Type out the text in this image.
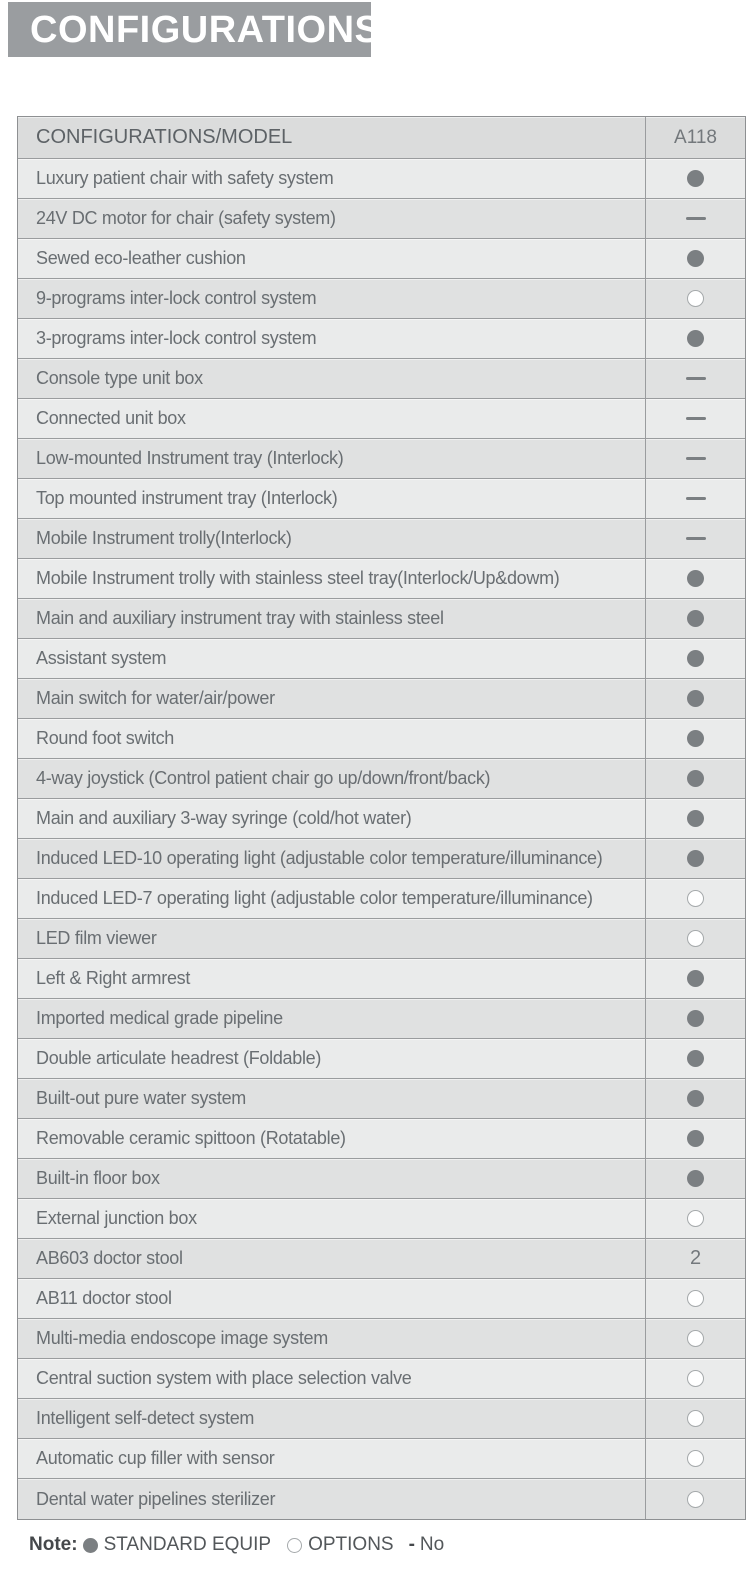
CONFIGURATIONS
CONFIGURATIONS/MODEL	A118
Luxury patient chair with safety system
24V DC motor for chair (safety system)
Sewed eco-leather cushion
9-programs inter-lock control system
3-programs inter-lock control system
Console type unit box
Connected unit box
Low-mounted Instrument tray (Interlock)
Top mounted instrument tray (Interlock)
Mobile Instrument trolly(Interlock)
Mobile Instrument trolly with stainless steel tray(Interlock/Up&dowm)
Main and auxiliary instrument tray with stainless steel
Assistant system
Main switch for water/air/power
Round foot switch
4-way joystick (Control patient chair go up/down/front/back)
Main and auxiliary 3-way syringe (cold/hot water)
Induced LED-10 operating light (adjustable color temperature/illuminance)
Induced LED-7 operating light (adjustable color temperature/illuminance)
LED film viewer
Left & Right armrest
Imported medical grade pipeline
Double articulate headrest (Foldable)
Built-out pure water system
Removable ceramic spittoon (Rotatable)
Built-in floor box
External junction box
AB603 doctor stool	2
AB11 doctor stool
Multi-media endoscope image system
Central suction system with place selection valve
Intelligent self-detect system
Automatic cup filler with sensor
Dental water pipelines sterilizer
Note: STANDARD EQUIP OPTIONS - No
